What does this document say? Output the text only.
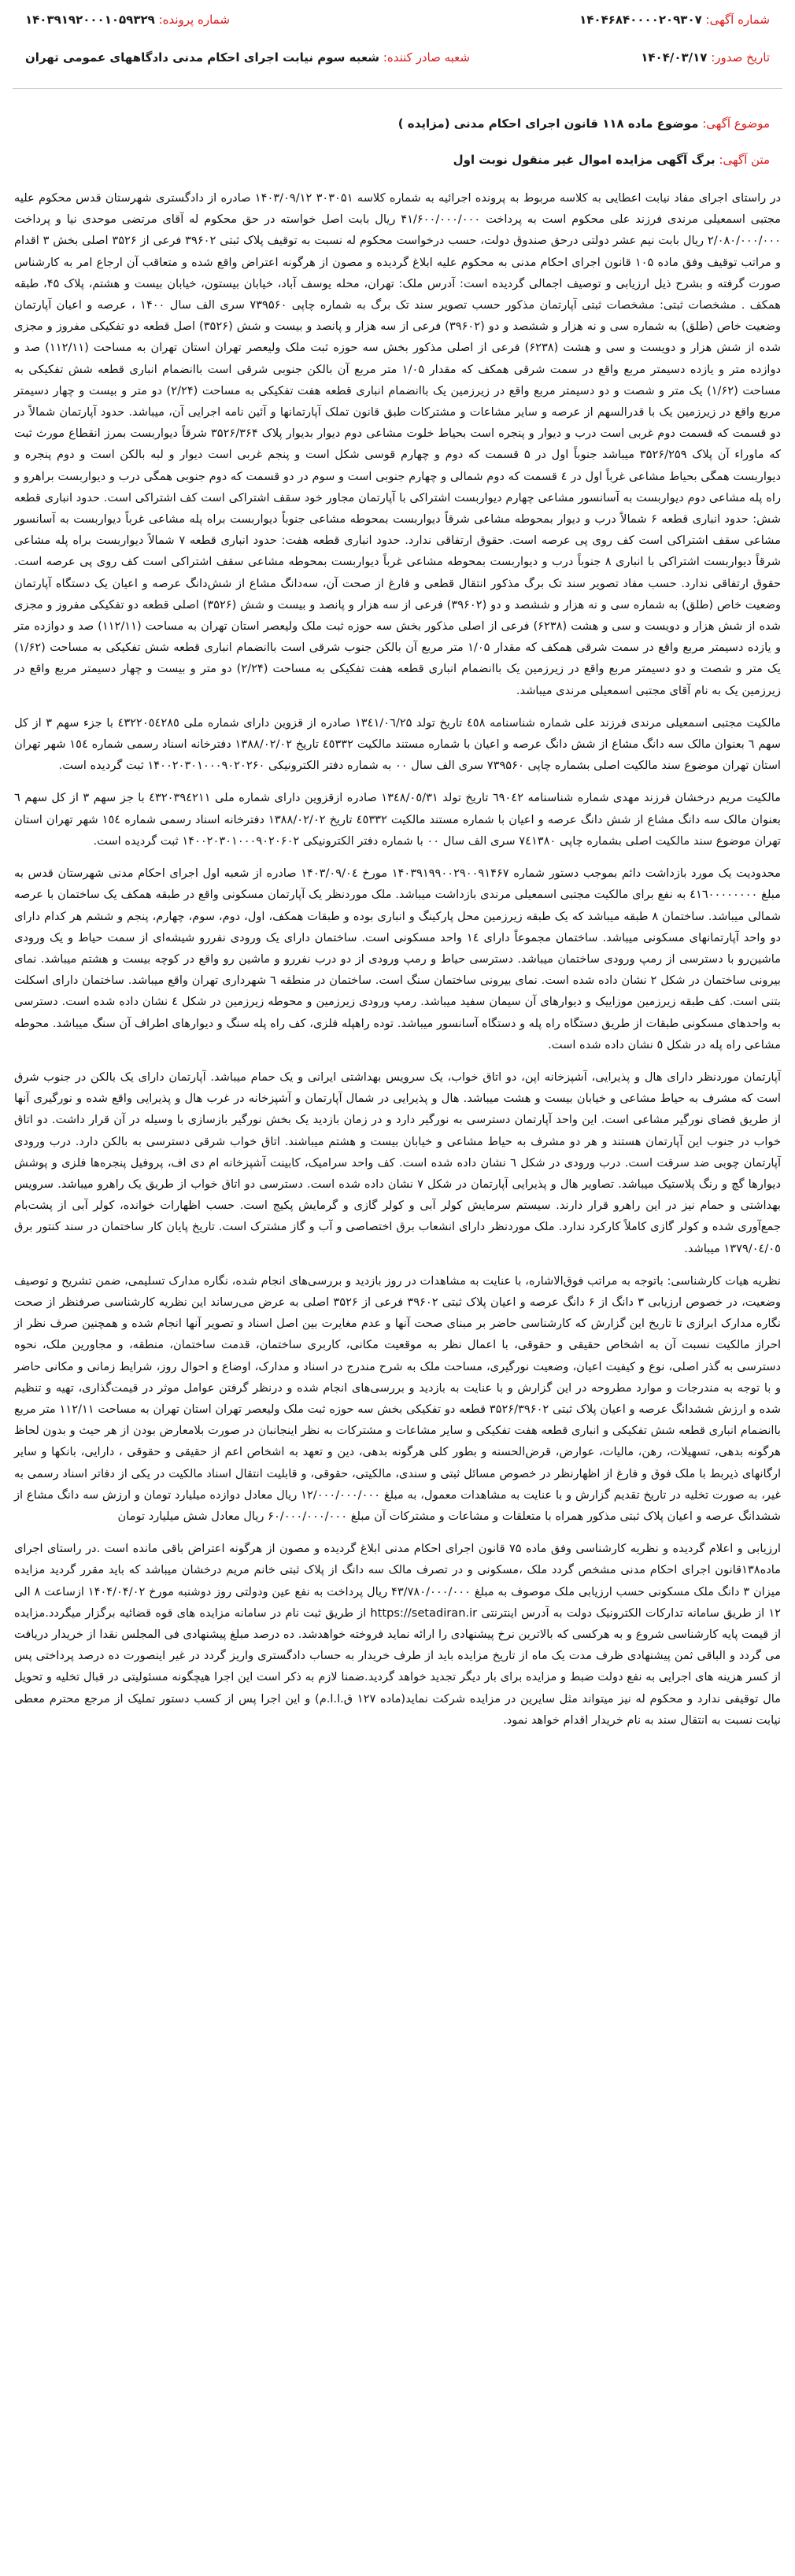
شماره آگهی: ۱۴۰۴۶۸۴۰۰۰۰۲۰۹۳۰۷
شماره پرونده: ۱۴۰۳۹۱۹۲۰۰۰۱۰۵۹۳۲۹
تاریخ صدور: ۱۴۰۴/۰۳/۱۷
شعبه صادر کننده: شعبه سوم نیابت اجرای احکام مدنی دادگاههای عمومی تهران
موضوع آگهی: موضوع ماده ۱۱۸ قانون اجرای احکام مدنی (مزایده )
متن آگهی: برگ آگهی مزایده اموال غیر منقول نوبت اول

در راستای اجرای مفاد نیابت اعطایی به کلاسه مربوط به پرونده اجرائیه به شماره کلاسه ۳۰۳۰۵۱ ۱۴۰۳/۰۹/۱۲ صادره از دادگستری شهرستان قدس محکوم علیه مجتبی اسمعیلی مرندی فرزند علی محکوم است به پرداخت ۴۱/۶۰۰/۰۰۰/۰۰۰ ریال بابت اصل خواسته در حق محکوم له آقای مرتضی موحدی نیا و پرداخت ۲/۰۸۰/۰۰۰/۰۰۰ ریال بابت نیم عشر دولتی درحق صندوق دولت، حسب درخواست محکوم له نسبت به توقیف پلاک ثبتی ۳۹۶۰۲ فرعی از ۳۵۲۶ اصلی بخش ۳ اقدام و مراتب توقیف وفق ماده ۱۰۵ قانون اجرای احکام مدنی به محکوم علیه ابلاغ گردیده و مصون از هرگونه اعتراض واقع شده و متعاقب آن ارجاع امر به کارشناس صورت گرفته و بشرح ذیل ارزیابی و توصیف اجمالی گردیده است: آدرس ملک: تهران، محله یوسف آباد، خیابان بیستون، خیابان بیست و هشتم، پلاک ۴۵، طبقه همکف . مشخصات ثبتی: مشخصات ثبتی آپارتمان مذکور حسب تصویر سند تک برگ به شماره چاپی ۷۳۹۵۶۰ سری الف سال ۱۴۰۰ ، عرصه و اعیان آپارتمان وضعیت خاص (طلق) به شماره سی و نه هزار و ششصد و دو (۳۹۶۰۲) فرعی از سه هزار و پانصد و بیست و شش (۳۵۲۶) اصل قطعه دو تفکیکی مفروز و مجزی شده از شش هزار و دویست و سی و هشت (۶۲۳۸) فرعی از اصلی مذکور بخش سه حوزه ثبت ملک ولیعصر تهران استان تهران به مساحت (۱۱۲/۱۱) صد و دوازده متر و یازده دسیمتر مربع واقع در سمت شرقی همکف که مقدار ۱/۰۵ متر مربع آن بالکن جنوبی شرقی است باانضمام انباری قطعه شش تفکیکی به مساحت (۱/۶۲) یک متر و شصت و دو دسیمتر مربع واقع در زیرزمین یک باانضمام انباری قطعه هفت تفکیکی به مساحت (۲/۲۴) دو متر و بیست و چهار دسیمتر مربع واقع در زیرزمین یک با قدرالسهم از عرصه و سایر مشاعات و مشترکات طبق قانون تملک آپارتمانها و آئین نامه اجرایی آن، میباشد. حدود آپارتمان شمالاً در دو قسمت که قسمت دوم غربی است درب و دیوار و پنجره است بحیاط خلوت مشاعی دوم دیوار بدیوار پلاک ۳۵۲۶/۳۶۴ شرقاً دیواربست بمرز انقطاع مورث ثبت که ماوراء آن پلاک ۳۵۲۶/۲۵۹ میباشد جنوباً اول در ۵ قسمت که دوم و چهارم قوسی شکل است و پنجم غربی است دیوار و لبه بالکن است و دوم پنجره و دیواربست همگی بحیاط مشاعی غرباً اول در ٤ قسمت که دوم شمالی و چهارم جنوبی است و سوم در دو قسمت که دوم جنوبی همگی درب و دیواربست براهرو و راه پله مشاعی دوم دیواربست به آسانسور مشاعی چهارم دیواربست اشتراکی با آپارتمان مجاور خود سقف اشتراکی است کف اشتراکی است. حدود انباری قطعه شش: حدود انباری قطعه ۶ شمالاً درب و دیوار بمحوطه مشاعی شرقاً دیواربست بمحوطه مشاعی جنوباً دیواربست براه پله مشاعی غرباً دیواربست به آسانسور مشاعی سقف اشتراکی است کف روی پی عرصه است. حقوق ارتفاقی ندارد. حدود انباری قطعه هفت: حدود انباری قطعه ۷ شمالاً دیواربست براه پله مشاعی شرقاً دیواربست اشتراکی با انباری ۸ جنوباً درب و دیواربست بمحوطه مشاعی غرباً دیواربست بمحوطه مشاعی سقف اشتراکی است کف روی پی عرصه است. حقوق ارتفاقی ندارد. حسب مفاد تصویر سند تک برگ مذکور انتقال قطعی و فارغ از صحت آن، سه‌دانگ مشاع از شش‌دانگ عرصه و اعیان یک دستگاه آپارتمان وضعیت خاص (طلق) به شماره سی و نه هزار و ششصد و دو (۳۹۶۰۲) فرعی از سه هزار و پانصد و بیست و شش (۳۵۲۶) اصلی قطعه دو تفکیکی مفروز و مجزی شده از شش هزار و دویست و سی و هشت (۶۲۳۸) فرعی از اصلی مذکور بخش سه حوزه ثبت ملک ولیعصر استان تهران به مساحت (۱۱۲/۱۱) صد و دوازده متر و یازده دسیمتر مربع واقع در سمت شرقی همکف که مقدار ۱/۰۵ متر مربع آن بالکن جنوب شرقی است باانضمام انباری قطعه شش تفکیکی به مساحت (۱/۶۲) یک متر و شصت و دو دسیمتر مربع واقع در زیرزمین یک باانضمام انباری قطعه هفت تفکیکی به مساحت (۲/۲۴) دو متر و بیست و چهار دسیمتر مربع واقع در زیرزمین یک به نام آقای مجتبی اسمعیلی مرندی میباشد.

مالکیت مجتبی اسمعیلی مرندی فرزند علی شماره شناسنامه ٤٥٨ تاریخ تولد ۱۳٤۱/۰٦/۲۵ صادره از قزوین دارای شماره ملی ٤٣٢٢٠٥٤٢٨٥ با جزء سهم ۳ از کل سهم ٦ بعنوان مالک سه دانگ مشاع از شش دانگ عرصه و اعیان با شماره مستند مالکیت ٤٥٣٣٢ تاریخ ۱۳۸۸/۰۲/۰۲ دفترخانه اسناد رسمی شماره ١٥٤ شهر تهران استان تهران موضوع سند مالکیت اصلی بشماره چاپی ۷۳۹۵۶۰ سری الف سال ۰۰ به شماره دفتر الکترونیکی ۱۴۰۰۲۰۳۰۱۰۰۰۹۰۲۰۲۶۰ ثبت گردیده است.

مالکیت مریم درخشان فرزند مهدی شماره شناسنامه ٦٩٠٤٢ تاریخ تولد ۱۳٤٨/۰٥/۳۱ صادره ازقزوین دارای شماره ملی ٤٣٢٠٣٩٤٢١١ با جز سهم ۳ از کل سهم ٦ بعنوان مالک سه دانگ مشاع از شش دانگ عرصه و اعیان با شماره مستند مالکیت ٤٥٣٣٢ تاریخ ۱۳۸۸/۰۲/۰۲ دفترخانه اسناد رسمی شماره ۱٥٤ شهر تهران استان تهران موضوع سند مالکیت اصلی بشماره چاپی ۷٤۱۳۸۰ سری الف سال ۰۰ با شماره دفتر الکترونیکی ۱۴۰۰۲۰۳۰۱۰۰۰۹۰۲۰۶۰۲ ثبت گردیده است.

محدودیت یک مورد بازداشت دائم بموجب دستور شماره ۱۴۰۳۹۱۹۹۰۰۲۹۰۰۹۱۴۶۷ مورخ ۱۴۰۳/۰۹/۰٤ صادره از شعبه اول اجرای احکام مدنی شهرستان قدس به مبلغ ٤١٦٠٠٠٠٠٠٠٠ به نفع برای مالکیت مجتبی اسمعیلی مرندی بازداشت میباشد. ملک موردنظر یک آپارتمان مسکونی واقع در طبقه همکف یک ساختمان با عرصه شمالی میباشد. ساختمان ۸ طبقه میباشد که یک طبقه زیرزمین محل پارکینگ و انباری بوده و طبقات همکف، اول، دوم، سوم، چهارم، پنجم و ششم هر کدام دارای دو واحد آپارتمانهای مسکونی میباشد. ساختمان مجموعاً دارای ۱٤ واحد مسکونی است. ساختمان دارای یک ورودی نفررو شیشه‌ای از سمت حیاط و یک ورودی ماشین‌رو با دسترسی از رمپ ورودی ساختمان میباشد. دسترسی حیاط و رمپ ورودی از دو درب نفررو و ماشین رو واقع در کوچه بیست و هشتم میباشد. نمای بیرونی ساختمان در شکل ٢ نشان داده شده است. نمای بیرونی ساختمان سنگ است. ساختمان در منطقه ٦ شهرداری تهران واقع میباشد. ساختمان دارای اسکلت بتنی است. کف طبقه زیرزمین موزاییک و دیوارهای آن سیمان سفید میباشد. رمپ ورودی زیرزمین و محوطه زیرزمین در شکل ٤ نشان داده شده است. دسترسی به واحدهای مسکونی طبقات از طریق دستگاه راه پله و دستگاه آسانسور میباشد. توده راهپله فلزی، کف راه پله سنگ و دیوارهای اطراف آن سنگ میباشد. محوطه مشاعی راه پله در شکل ٥ نشان داده شده است.

آپارتمان موردنظر دارای هال و پذیرایی، آشپزخانه اپن، دو اتاق خواب، یک سرویس بهداشتی ایرانی و یک حمام میباشد. آپارتمان دارای یک بالکن در جنوب شرق است که مشرف به حیاط مشاعی و خیابان بیست و هشت میباشد. هال و پذیرایی در شمال آپارتمان و آشپزخانه در غرب هال و پذیرایی واقع شده و نورگیری آنها از طریق فضای نورگیر مشاعی است. این واحد آپارتمان دسترسی به نورگیر دارد و در زمان بازدید یک بخش نورگیر بازسازی با وسیله در آن قرار داشت. دو اتاق خواب در جنوب این آپارتمان هستند و هر دو مشرف به حیاط مشاعی و خیابان بیست و هشتم میباشند. اتاق خواب شرقی دسترسی به بالکن دارد. درب ورودی آپارتمان چوبی ضد سرقت است. درب ورودی در شکل ٦ نشان داده شده است. کف واحد سرامیک، کابینت آشپزخانه ام دی اف، پروفیل پنجره‌ها فلزی و پوشش دیوارها گچ و رنگ پلاستیک میباشد. تصاویر هال و پذیرایی آپارتمان در شکل ۷ نشان داده شده است. دسترسی دو اتاق خواب از طریق یک راهرو میباشد. سرویس بهداشتی و حمام نیز در این راهرو قرار دارند. سیستم سرمایش کولر آبی و کولر گازی و گرمایش پکیج است. حسب اظهارات خوانده، کولر آبی از پشت‌بام جمع‌آوری شده و کولر گازی کاملاً کارکرد ندارد. ملک موردنظر دارای انشعاب برق اختصاصی و آب و گاز مشترک است. تاریخ پایان کار ساختمان در سند کنتور برق ۱۳۷۹/۰٤/۰٥ میباشد.

نظریه هیات کارشناسی: باتوجه به مراتب فوق‌الاشاره، با عنایت به مشاهدات در روز بازدید و بررسی‌های انجام شده، نگاره مدارک تسلیمی، ضمن تشریح و توصیف وضعیت، در خصوص ارزیابی ۳ دانگ از ۶ دانگ عرصه و اعیان پلاک ثبتی ۳۹۶۰۲ فرعی از ۳۵۲۶ اصلی به عرض می‌رساند این نظریه کارشناسی صرفنظر از صحت نگاره مدارک ابرازی تا تاریخ این گزارش که کارشناسی حاضر بر مبنای صحت آنها و عدم مغایرت بین اصل اسناد و تصویر آنها انجام شده و همچنین صرف نظر از احراز مالکیت نسبت آن به اشخاص حقیقی و حقوقی، با اعمال نظر به موقعیت مکانی، کاربری ساختمان، قدمت ساختمان، منطقه، و مجاورین ملک، نحوه دسترسی به گذر اصلی، نوع و کیفیت اعیان، وضعیت نورگیری، مساحت ملک به شرح مندرج در اسناد و مدارک، اوضاع و احوال روز، شرایط زمانی و مکانی حاضر و با توجه به مندرجات و موارد مطروحه در این گزارش و با عنایت به بازدید و بررسی‌های انجام شده و درنظر گرفتن عوامل موثر در قیمت‌گذاری، تهیه و تنظیم شده و ارزش ششدانگ عرصه و اعیان پلاک ثبتی ۳۵۲۶/۳۹۶۰۲ قطعه دو تفکیکی بخش سه حوزه ثبت ملک ولیعصر تهران استان تهران به مساحت ۱۱۲/۱۱ متر مربع باانضمام انباری قطعه شش تفکیکی و انباری قطعه هفت تفکیکی و سایر مشاعات و مشترکات به نظر اینجانبان در صورت بلامعارض بودن از هر حیث و بدون لحاظ هرگونه بدهی، تسهیلات، رهن، مالیات، عوارض، قرض‌الحسنه و بطور کلی هرگونه بدهی، دین و تعهد به اشخاص اعم از حقیقی و حقوقی ، دارایی، بانکها و سایر ارگانهای ذیربط با ملک فوق و فارغ از اظهارنظر در خصوص مسائل ثبتی و سندی، مالکیتی، حقوقی، و قابلیت انتقال اسناد مالکیت در یکی از دفاتر اسناد رسمی به غیر، به صورت تخلیه در تاریخ تقدیم گزارش و با عنایت به مشاهدات معمول، به مبلغ ۱۲/۰۰۰/۰۰۰/۰۰۰ ریال معادل دوازده میلیارد تومان و ارزش سه دانگ مشاع از ششدانگ عرصه و اعیان پلاک ثبتی مذکور همراه با متعلقات و مشاعات و مشترکات آن مبلغ ۶۰/۰۰۰/۰۰۰/۰۰۰ ریال معادل شش میلیارد تومان

ارزیابی و اعلام گردیده و نظریه کارشناسی وفق ماده ۷۵ قانون اجرای احکام مدنی ابلاغ گردیده و مصون از هرگونه اعتراض باقی مانده است .در راستای اجرای ماده۱۳۸قانون اجرای احکام مدنی مشخص گردد ملک ،مسکونی و در تصرف مالک سه دانگ از پلاک ثبتی خانم مریم درخشان میباشد که باید مقرر گردید مزایده میزان ۳ دانگ ملک مسکونی حسب ارزیابی ملک موصوف به مبلغ ۴۳/۷۸۰/۰۰۰/۰۰۰ ریال پرداخت به نفع عین ودولتی روز دوشنبه مورخ ۱۴۰۴/۰۴/۰۲ ازساعت ۸ الی ۱۲ از طریق سامانه تدارکات الکترونیک دولت به آدرس اینترنتی https://setadiran.ir از طریق ثبت نام در سامانه مزایده های قوه قضائیه برگزار میگردد.مزایده از قیمت پایه کارشناسی شروع و به هرکسی که بالاترین نرخ پیشنهادی را ارائه نماید فروخته خواهدشد. ده درصد مبلغ پیشنهادی فی المجلس نقدا از خریدار دریافت می گردد و الباقی ثمن پیشنهادی ظرف مدت یک ماه از تاریخ مزایده باید از طرف خریدار به حساب دادگستری واریز گردد در غیر اینصورت ده درصد پرداختی پس از کسر هزینه های اجرایی به نفع دولت ضبط و مزایده برای بار دیگر تجدید خواهد گردید.ضمنا لازم به ذکر است این اجرا هیچگونه مسئولیتی در قبال تخلیه و تحویل مال توقیفی ندارد و محکوم له نیز میتواند مثل سایرین در مزایده شرکت نماید(ماده ۱۲۷ ق.ا.ا.م) و این اجرا پس از کسب دستور تملیک از مرجع محترم معطی نیابت نسبت به انتقال سند به نام خریدار اقدام خواهد نمود.
